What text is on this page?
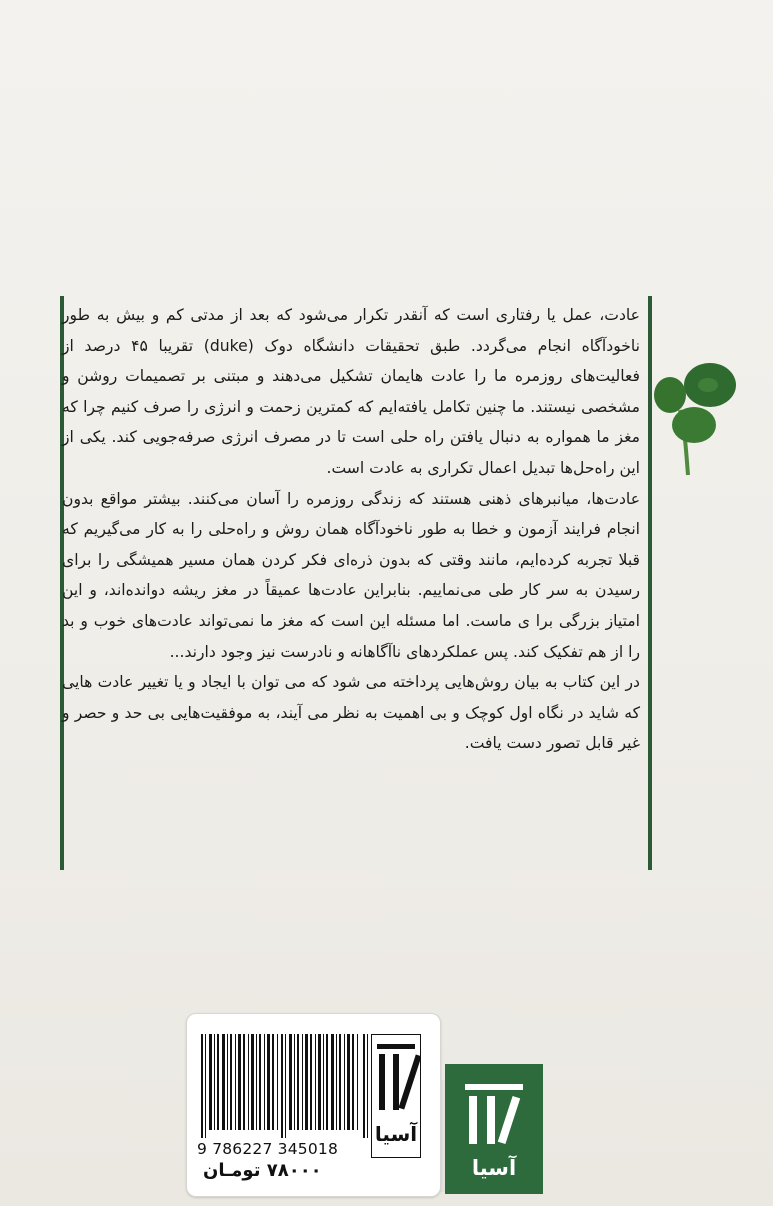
عادت، عمل یا رفتاری است که آنقدر تکرار می‌شود که بعد از مدتی کم و بیش به طور ناخودآگاه انجام می‌گردد. طبق تحقیقات دانشگاه دوک (duke) تقریبا ۴۵ درصد از فعالیت‌های روزمره ما را عادت هایمان تشکیل می‌دهند و مبتنی بر تصمیمات روشن و مشخصی نیستند. ما چنین تکامل یافته‌ایم که کمترین زحمت و انرژی را صرف کنیم چرا که مغز ما همواره به دنبال یافتن راه حلی است تا در مصرف انرژی صرفه‌جویی کند. یکی از این راه‌حل‌ها تبدیل اعمال تکراری به عادت است.

عادت‌ها، میانبرهای ذهنی هستند که زندگی روزمره را آسان می‌کنند. بیشتر مواقع بدون انجام فرایند آزمون و خطا به طور ناخودآگاه همان روش و راه‌حلی را به کار می‌گیریم که قبلا تجربه کرده‌ایم، مانند وقتی که بدون ذره‌ای فکر کردن همان مسیر همیشگی را برای رسیدن به سر کار طی می‌نماییم. بنابراین عادت‌ها عمیقاً در مغز ریشه دوانده‌اند، و این امتیاز بزرگی برا ی ماست. اما مسئله این است که مغز ما نمی‌تواند عادت‌های خوب و بد را از هم تفکیک کند. پس عملکردهای ناآگاهانه و نادرست نیز وجود دارند...

در این کتاب به بیان روش‌هایی پرداخته می شود که می توان با ایجاد و یا تغییر عادت هایی که شاید در نگاه اول کوچک و بی اهمیت به نظر می آیند، به موفقیت‌هایی بی حد و حصر و غیر قابل تصور دست یافت.

9 786227 345018
۷۸۰۰۰ تومـان
آسیا
آسیا
